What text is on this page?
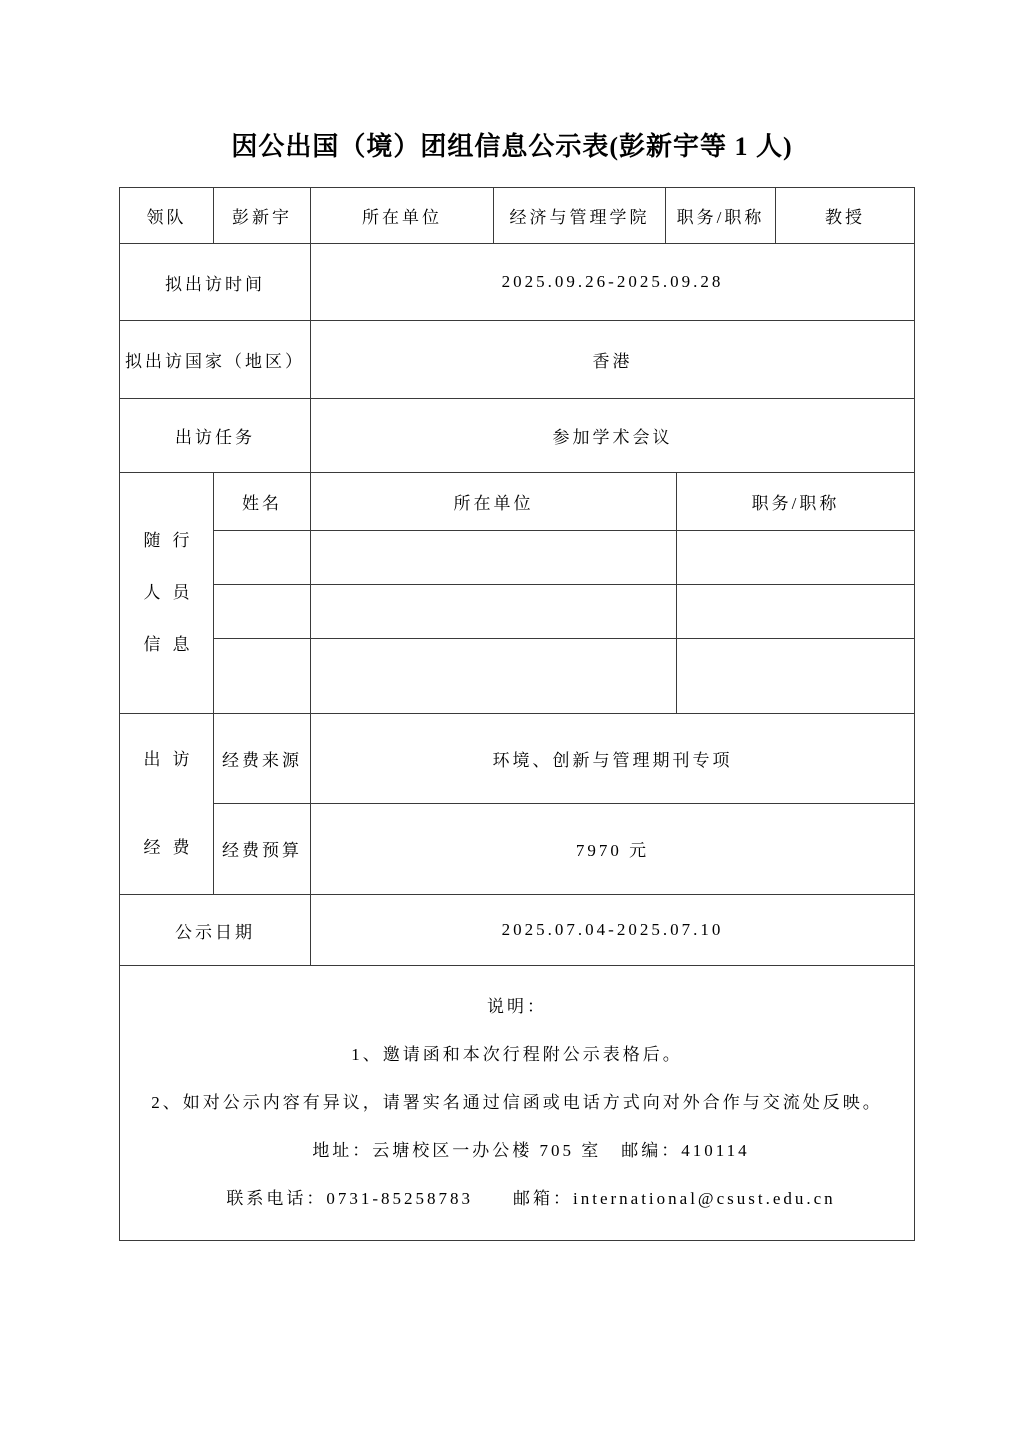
因公出国（境）团组信息公示表(彭新宇等 1 人)
领队	彭新宇	所在单位	经济与管理学院	职务/职称		教授
拟出访时间		2025.09.26-2025.09.28				
拟出访国家（地区）		香港				
出访任务		参加学术会议				

随行
人员
信息	姓名	所在单位			职务/职称	

出访
经费	经费来源	环境、创新与管理期刊专项				
	经费预算	7970 元				
公示日期		2025.07.04-2025.07.10				

说明：
1、邀请函和本次行程附公示表格后。
2、如对公示内容有异议，请署实名通过信函或电话方式向对外合作与交流处反映。
地址：云塘校区一办公楼 705 室　邮编：410114
联系电话：0731-85258783　　邮箱：international@csust.edu.cn						
